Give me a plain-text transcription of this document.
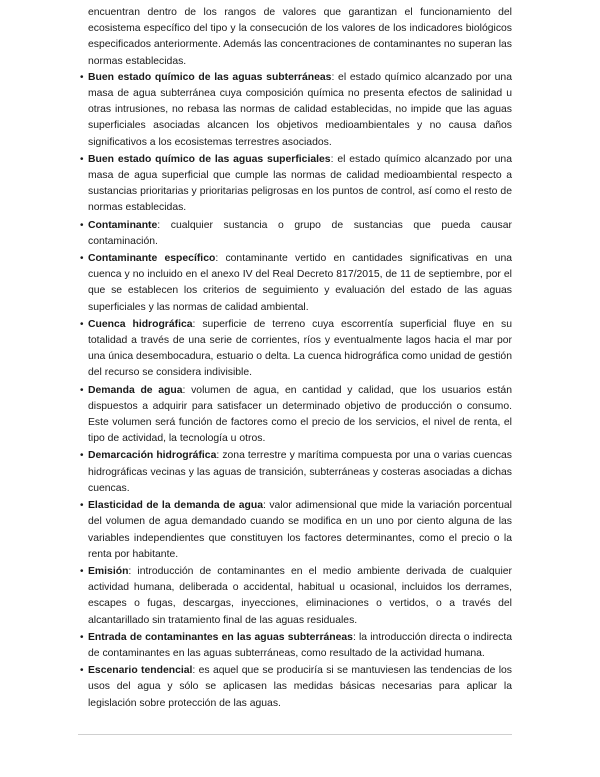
encuentran dentro de los rangos de valores que garantizan el funcionamiento del ecosistema específico del tipo y la consecución de los valores de los indicadores biológicos especificados anteriormente. Además las concentraciones de contaminantes no superan las normas establecidas.

• Buen estado químico de las aguas subterráneas: el estado químico alcanzado por una masa de agua subterránea cuya composición química no presenta efectos de salinidad u otras intrusiones, no rebasa las normas de calidad establecidas, no impide que las aguas superficiales asociadas alcancen los objetivos medioambientales y no causa daños significativos a los ecosistemas terrestres asociados.
• Buen estado químico de las aguas superficiales: el estado químico alcanzado por una masa de agua superficial que cumple las normas de calidad medioambiental respecto a sustancias prioritarias y prioritarias peligrosas en los puntos de control, así como el resto de normas establecidas.
• Contaminante: cualquier sustancia o grupo de sustancias que pueda causar contaminación.
• Contaminante específico: contaminante vertido en cantidades significativas en una cuenca y no incluido en el anexo IV del Real Decreto 817/2015, de 11 de septiembre, por el que se establecen los criterios de seguimiento y evaluación del estado de las aguas superficiales y las normas de calidad ambiental.
• Cuenca hidrográfica: superficie de terreno cuya escorrentía superficial fluye en su totalidad a través de una serie de corrientes, ríos y eventualmente lagos hacia el mar por una única desembocadura, estuario o delta. La cuenca hidrográfica como unidad de gestión del recurso se considera indivisible.
• Demanda de agua: volumen de agua, en cantidad y calidad, que los usuarios están dispuestos a adquirir para satisfacer un determinado objetivo de producción o consumo. Este volumen será función de factores como el precio de los servicios, el nivel de renta, el tipo de actividad, la tecnología u otros.
• Demarcación hidrográfica: zona terrestre y marítima compuesta por una o varias cuencas hidrográficas vecinas y las aguas de transición, subterráneas y costeras asociadas a dichas cuencas.
• Elasticidad de la demanda de agua: valor adimensional que mide la variación porcentual del volumen de agua demandado cuando se modifica en un uno por ciento alguna de las variables independientes que constituyen los factores determinantes, como el precio o la renta por habitante.
• Emisión: introducción de contaminantes en el medio ambiente derivada de cualquier actividad humana, deliberada o accidental, habitual u ocasional, incluidos los derrames, escapes o fugas, descargas, inyecciones, eliminaciones o vertidos, o a través del alcantarillado sin tratamiento final de las aguas residuales.
• Entrada de contaminantes en las aguas subterráneas: la introducción directa o indirecta de contaminantes en las aguas subterráneas, como resultado de la actividad humana.
• Escenario tendencial: es aquel que se produciría si se mantuviesen las tendencias de los usos del agua y sólo se aplicasen las medidas básicas necesarias para aplicar la legislación sobre protección de las aguas.
